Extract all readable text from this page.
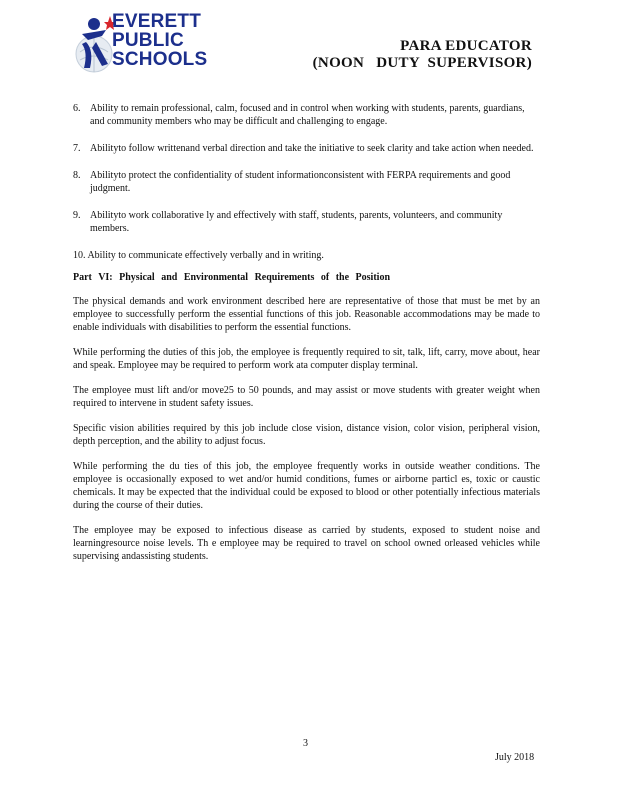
EVERETT
PUBLIC
SCHOOLS
PARA EDUCATOR
(NOON   DUTY  SUPERVISOR)
6. Ability to remain professional, calm, focused and in control when working with students, parents, guardians, and community members who may be difficult and challenging to engage.
7. Abilityto follow writtenand verbal direction and take the initiative to seek clarity and take action when needed.
8. Abilityto protect the confidentiality of student informationconsistent with FERPA requirements and good judgment.
9. Abilityto work collaborative ly and effectively with staff, students, parents, volunteers, and community members.
10. Ability to communicate effectively verbally and in writing.
Part VI: Physical and Environmental Requirements of the Position
The physical demands and work environment described here are representative of those that must be met by an employee to successfully perform the essential functions of this job. Reasonable accommodations may be made to enable individuals with disabilities to perform the essential functions.
While performing the duties of this job, the employee is frequently required to sit, talk, lift, carry, move about, hear and speak. Employee may be required to perform work ata computer display terminal.
The employee must lift and/or move25 to 50 pounds, and may assist or move students with greater weight when required to intervene in student safety issues.
Specific vision abilities required by this job include close vision, distance vision, color vision, peripheral vision, depth perception, and the ability to adjust focus.
While performing the du ties of this job, the employee frequently works in outside weather conditions. The employee is occasionally exposed to wet and/or humid conditions, fumes or airborne particl es, toxic or caustic chemicals. It may be expected that the individual could be exposed to blood or other potentially infectious materials during the course of their duties.
The employee may be exposed to infectious disease as carried by students, exposed to student noise and learningresource noise levels. Th e employee may be required to travel on school owned orleased vehicles while supervising andassisting students.
3
July 2018
